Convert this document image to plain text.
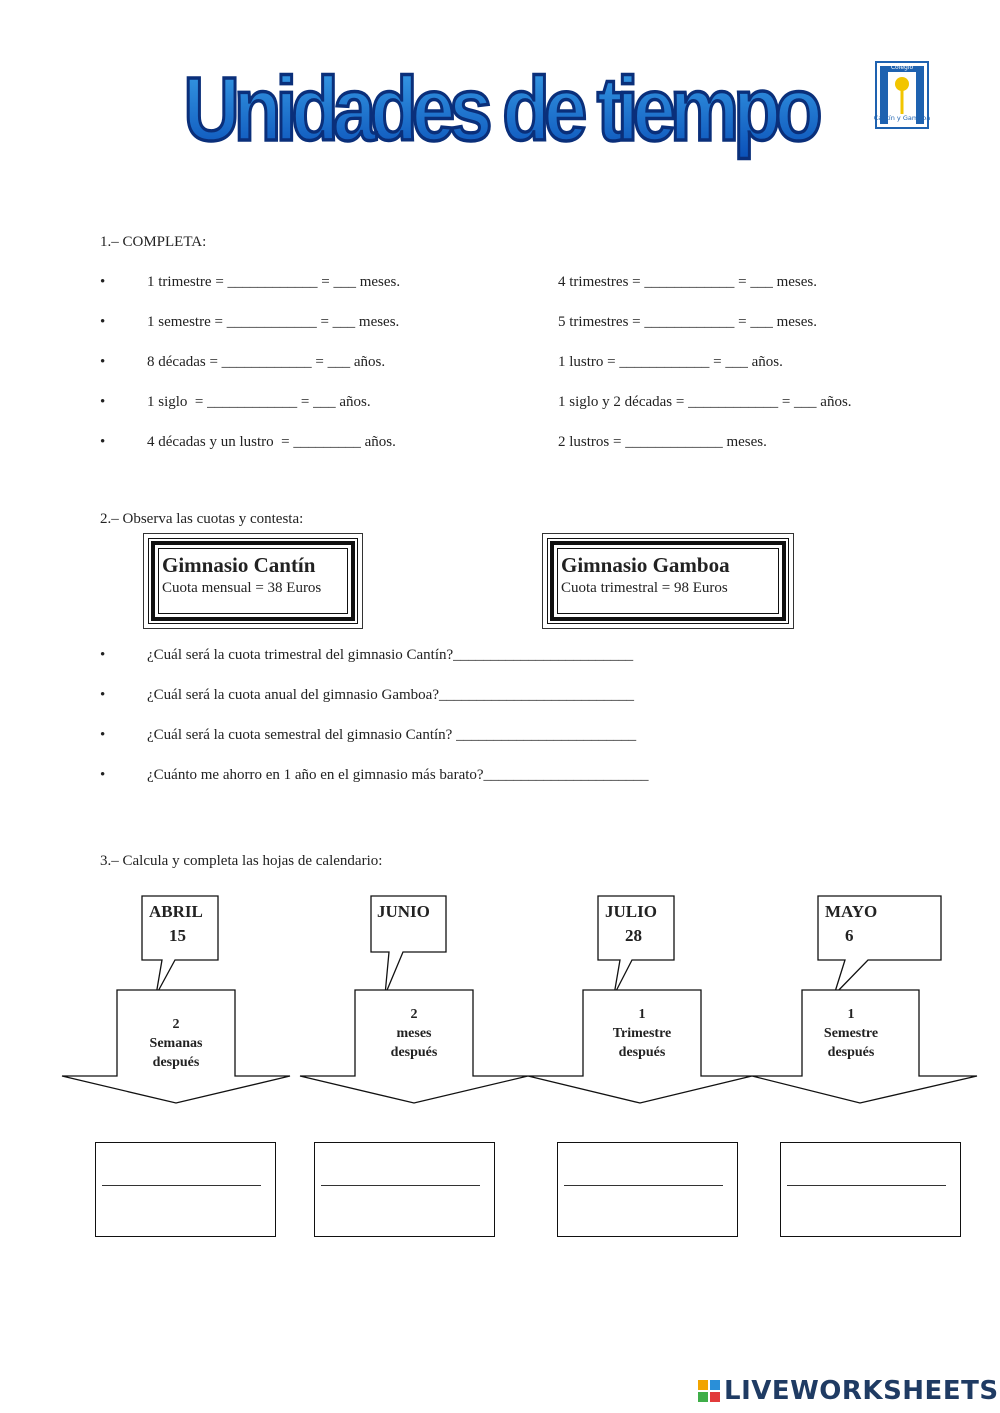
Unidades de tiempo	Colegio
Cantín y Gamboa
1.– COMPLETA:
•	1 trimestre = ____________ = ___ meses.	4 trimestres = ____________ = ___ meses.
•	1 semestre = ____________ = ___ meses.	5 trimestres = ____________ = ___ meses.
•	8 décadas = ____________ = ___ años.	1 lustro = ____________ = ___ años.
•	1 siglo  = ____________ = ___ años.	1 siglo y 2 décadas = ____________ = ___ años.
•	4 décadas y un lustro  = _________ años.	2 lustros = _____________ meses.
2.– Observa las cuotas y contesta:
Gimnasio Cantín
Cuota mensual = 38 Euros
Gimnasio Gamboa
Cuota trimestral = 98 Euros
•	¿Cuál será la cuota trimestral del gimnasio Cantín?________________________
•	¿Cuál será la cuota anual del gimnasio Gamboa?__________________________
•	¿Cuál será la cuota semestral del gimnasio Cantín? ________________________
•	¿Cuánto me ahorro en 1 año en el gimnasio más barato?______________________
3.– Calcula y completa las hojas de calendario:
ABRIL
15
JUNIO	JULIO
28
MAYO
6
2
Semanas
después
2
meses
después
1
Trimestre
después
1
Semestre
después
LIVEWORKSHEETS
